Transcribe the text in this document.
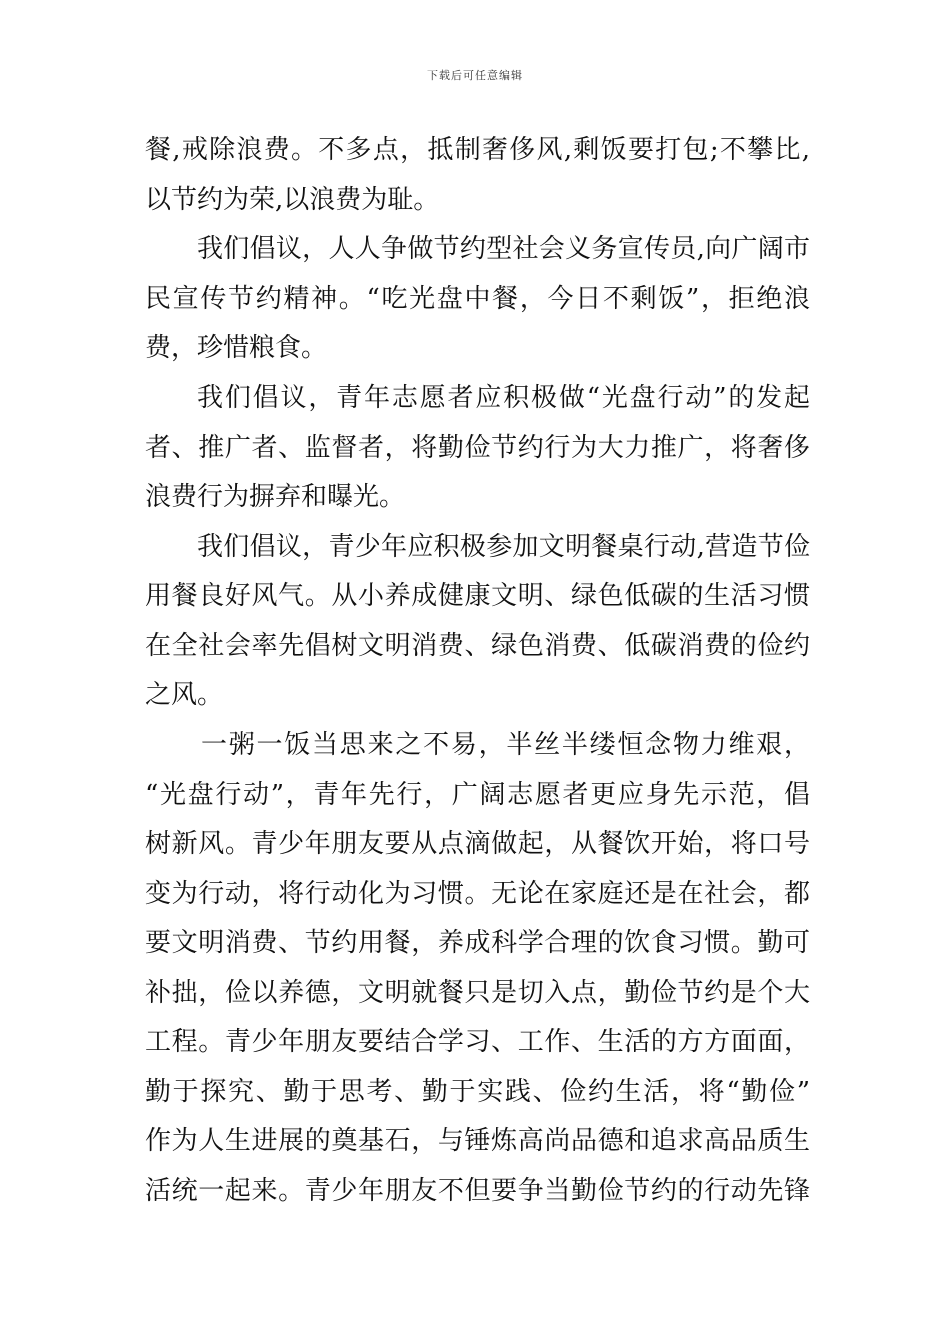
下载后可任意编辑
餐,戒除浪费。不多点，抵制奢侈风,剩饭要打包;不攀比,
以节约为荣,以浪费为耻。
我们倡议，人人争做节约型社会义务宣传员,向广阔市
民宣传节约精神。“吃光盘中餐，今日不剩饭”，拒绝浪
费，珍惜粮食。
我们倡议，青年志愿者应积极做“光盘行动”的发起
者、推广者、监督者，将勤俭节约行为大力推广，将奢侈
浪费行为摒弃和曝光。
我们倡议，青少年应积极参加文明餐桌行动,营造节俭
用餐良好风气。从小养成健康文明、绿色低碳的生活习惯
在全社会率先倡树文明消费、绿色消费、低碳消费的俭约
之风。
一粥一饭当思来之不易，半丝半缕恒念物力维艰，
“光盘行动”，青年先行，广阔志愿者更应身先示范，倡
树新风。青少年朋友要从点滴做起，从餐饮开始，将口号
变为行动，将行动化为习惯。无论在家庭还是在社会，都
要文明消费、节约用餐，养成科学合理的饮食习惯。勤可
补拙，俭以养德，文明就餐只是切入点，勤俭节约是个大
工程。青少年朋友要结合学习、工作、生活的方方面面，
勤于探究、勤于思考、勤于实践、俭约生活，将“勤俭”
作为人生进展的奠基石，与锤炼高尚品德和追求高品质生
活统一起来。青少年朋友不但要争当勤俭节约的行动先锋
